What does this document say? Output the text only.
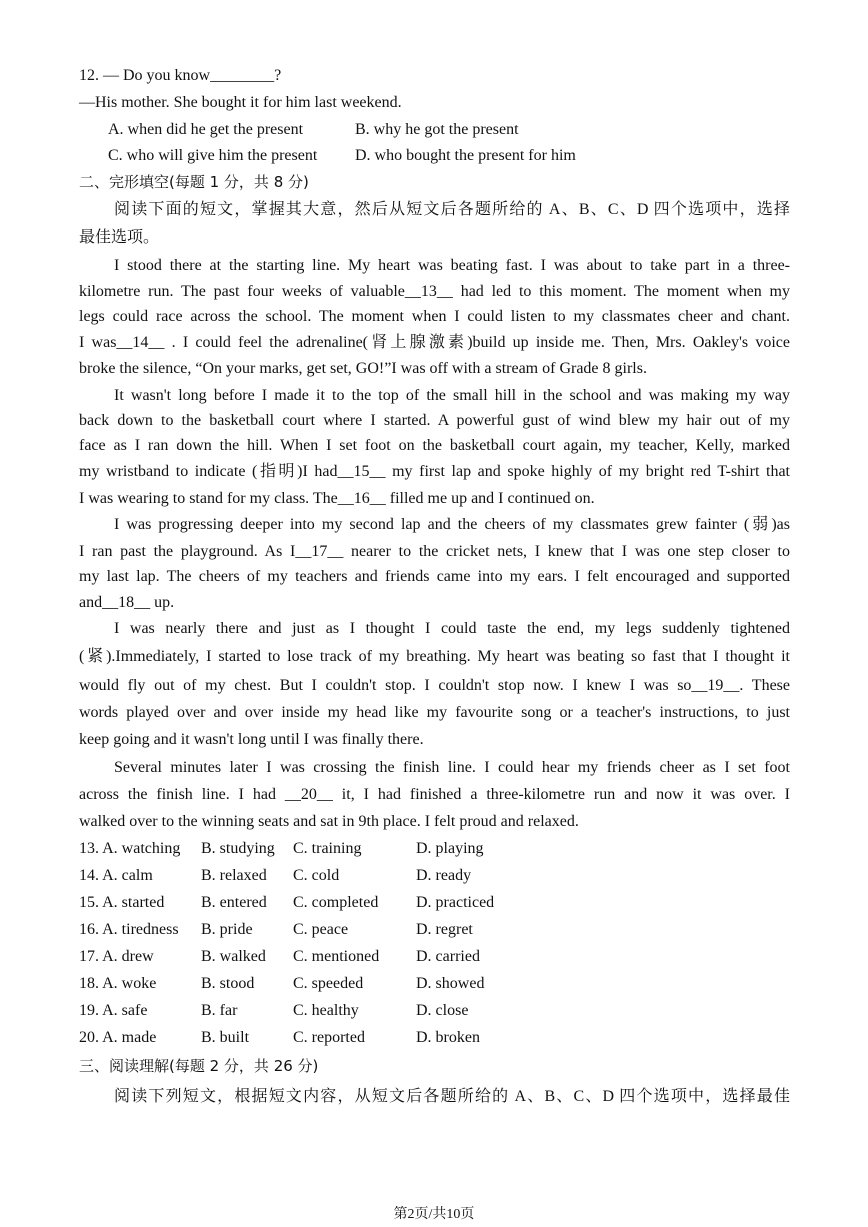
12. — Do you know________?
—His mother. She bought it for him last weekend.
A. when did he get the present	B. why he got the present
C. who will give him the present D. who bought the present for him
二、完形填空(每题 1 分，共 8 分)
阅读下面的短文，掌握其大意，然后从短文后各题所给的 A、B、C、D 四个选项中，选择
最佳选项。
I stood there at the starting line. My heart was beating fast. I was about to take part in a three-
kilometre run. The past four weeks of valuable__13__ had led to this moment. The moment when my
legs could race across the school. The moment when I could listen to my classmates cheer and chant.
I was__14__ . I could feel the adrenaline(肾上腺激素)build up inside me. Then, Mrs. Oakley's voice
broke the silence, “On your marks, get set, GO!”I was off with a stream of Grade 8 girls.
It wasn't long before I made it to the top of the small hill in the school and was making my way
back down to the basketball court where I started. A powerful gust of wind blew my hair out of my
face as I ran down the hill. When I set foot on the basketball court again, my teacher, Kelly, marked
my wristband to indicate (指明)I had__15__ my first lap and spoke highly of my bright red T-shirt that
I was wearing to stand for my class. The__16__ filled me up and I continued on.
I was progressing deeper into my second lap and the cheers of my classmates grew fainter (弱)as
I ran past the playground. As I__17__ nearer to the cricket nets, I knew that I was one step closer to
my last lap. The cheers of my teachers and friends came into my ears. I felt encouraged and supported
and__18__ up.
I was nearly there and just as I thought I could taste the end, my legs suddenly tightened
(紧).Immediately, I started to lose track of my breathing. My heart was beating so fast that I thought it
would fly out of my chest. But I couldn't stop. I couldn't stop now. I knew I was so__19__. These
words played over and over inside my head like my favourite song or a teacher's instructions, to just
keep going and it wasn't long until I was finally there.
Several minutes later I was crossing the finish line. I could hear my friends cheer as I set foot
across the finish line. I had __20__ it, I had finished a three-kilometre run and now it was over. I
walked over to the winning seats and sat in 9th place. I felt proud and relaxed.
13. A. watching B. studying C. training	D. playing
14. A. calm	B. relaxed C. cold	D. ready
15. A. started B. entered C. completed D. practiced
16. A. tiredness B. pride	C. peace	D. regret
17. A. drew	B. walked C. mentioned D. carried
18. A. woke	B. stood C. speeded	D. showed
19. A. safe	B. far	C. healthy	D. close
20. A. made	B. built	C. reported	D. broken
三、阅读理解(每题 2 分，共 26 分)
阅读下列短文，根据短文内容，从短文后各题所给的 A、B、C、D 四个选项中，选择最佳
第2页/共10页
